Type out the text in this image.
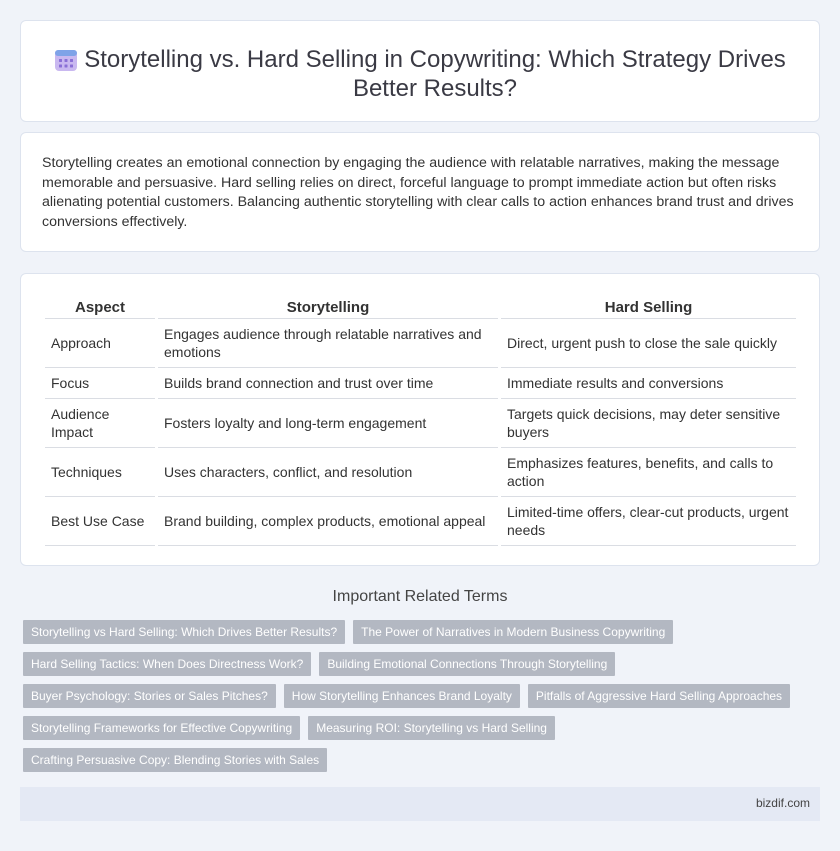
Storytelling vs. Hard Selling in Copywriting: Which Strategy Drives Better Results?

Storytelling creates an emotional connection by engaging the audience with relatable narratives, making the message memorable and persuasive. Hard selling relies on direct, forceful language to prompt immediate action but often risks alienating potential customers. Balancing authentic storytelling with clear calls to action enhances brand trust and drives conversions effectively.

Aspect	Storytelling	Hard Selling
Approach	Engages audience through relatable narratives and emotions	Direct, urgent push to close the sale quickly
Focus	Builds brand connection and trust over time	Immediate results and conversions
Audience Impact	Fosters loyalty and long-term engagement	Targets quick decisions, may deter sensitive buyers
Techniques	Uses characters, conflict, and resolution	Emphasizes features, benefits, and calls to action
Best Use Case	Brand building, complex products, emotional appeal	Limited-time offers, clear-cut products, urgent needs
Important Related Terms
Storytelling vs Hard Selling: Which Drives Better Results?	The Power of Narratives in Modern Business Copywriting
Hard Selling Tactics: When Does Directness Work?	Building Emotional Connections Through Storytelling
Buyer Psychology: Stories or Sales Pitches?	How Storytelling Enhances Brand Loyalty	Pitfalls of Aggressive Hard Selling Approaches
Storytelling Frameworks for Effective Copywriting	Measuring ROI: Storytelling vs Hard Selling
Crafting Persuasive Copy: Blending Stories with Sales
bizdif.com
